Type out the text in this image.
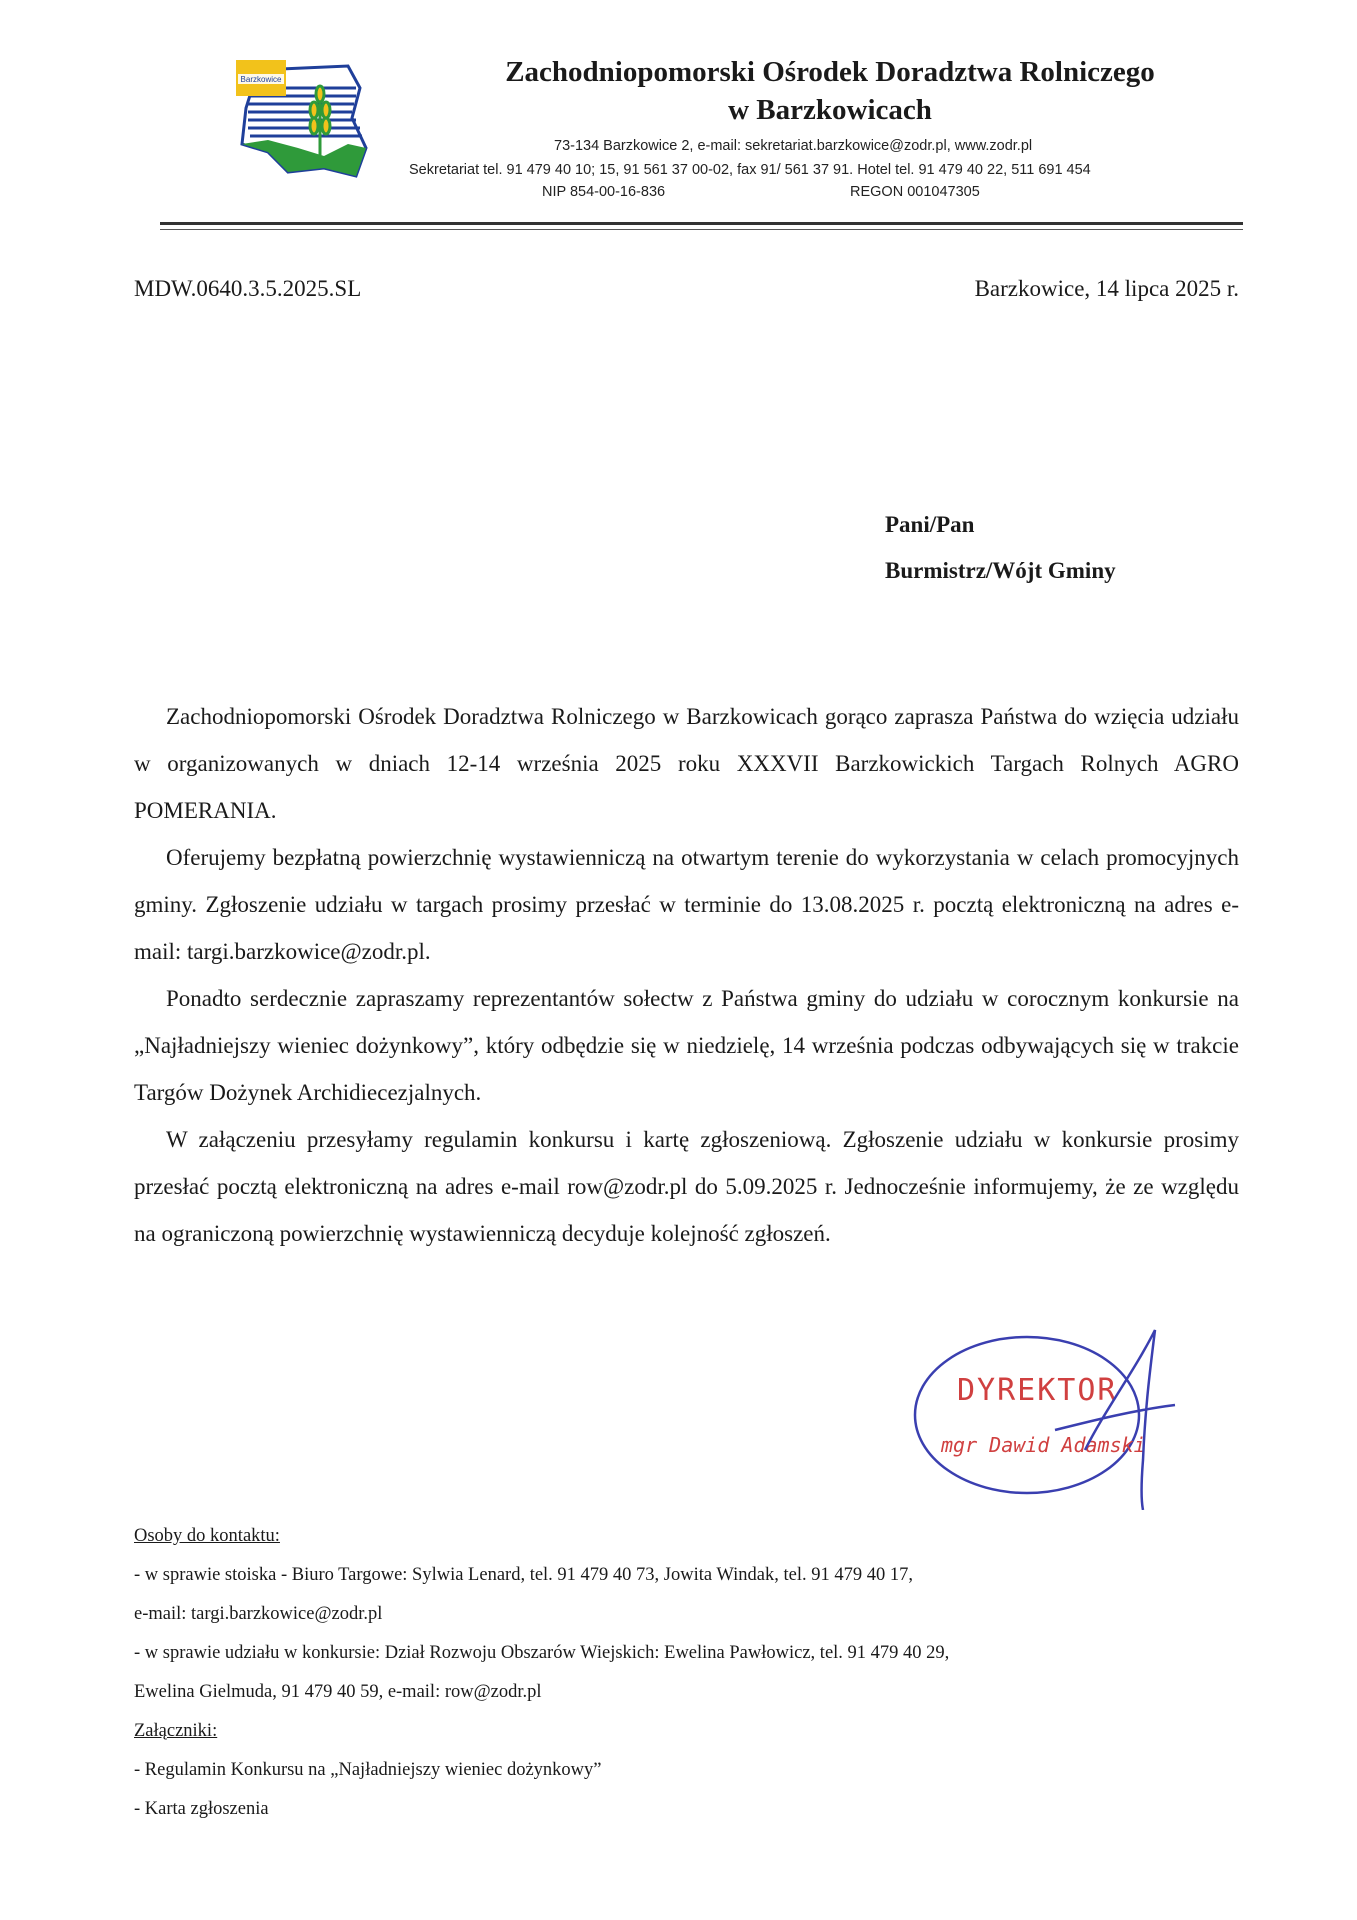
Barzkowice	Zachodniopomorski Ośrodek Doradztwa Rolniczego
w Barzkowicach
73-134 Barzkowice 2, e-mail: sekretariat.barzkowice@zodr.pl, www.zodr.pl
Sekretariat tel. 91 479 40 10; 15, 91 561 37 00-02, fax 91/ 561 37 91. Hotel tel. 91 479 40 22, 511 691 454
NIP 854-00-16-836	REGON 001047305
MDW.0640.3.5.2025.SL	Barzkowice, 14 lipca 2025 r.
Pani/Pan
Burmistrz/Wójt Gminy

Zachodniopomorski Ośrodek Doradztwa Rolniczego w Barzkowicach gorąco zaprasza Państwa do wzięcia udziału w organizowanych w dniach 12-14 września 2025 roku XXXVII Barzkowickich Targach Rolnych AGRO POMERANIA.

Oferujemy bezpłatną powierzchnię wystawienniczą na otwartym terenie do wykorzystania w celach promocyjnych gminy. Zgłoszenie udziału w targach prosimy przesłać w terminie do 13.08.2025 r. pocztą elektroniczną na adres e-mail: targi.barzkowice@zodr.pl.

Ponadto serdecznie zapraszamy reprezentantów sołectw z Państwa gminy do udziału w corocznym konkursie na „Najładniejszy wieniec dożynkowy”, który odbędzie się w niedzielę, 14 września podczas odbywających się w trakcie Targów Dożynek Archidiecezjalnych.

W załączeniu przesyłamy regulamin konkursu i kartę zgłoszeniową. Zgłoszenie udziału w konkursie prosimy przesłać pocztą elektroniczną na adres e-mail row@zodr.pl do 5.09.2025 r. Jednocześnie informujemy, że ze względu na ograniczoną powierzchnię wystawienniczą decyduje kolejność zgłoszeń.

DYREKTOR
mgr Dawid Adamski
Osoby do kontaktu:
- w sprawie stoiska - Biuro Targowe: Sylwia Lenard, tel. 91 479 40 73, Jowita Windak, tel. 91 479 40 17,
e-mail: targi.barzkowice@zodr.pl
- w sprawie udziału w konkursie: Dział Rozwoju Obszarów Wiejskich: Ewelina Pawłowicz, tel. 91 479 40 29,
Ewelina Gielmuda, 91 479 40 59, e-mail: row@zodr.pl
Załączniki:
- Regulamin Konkursu na „Najładniejszy wieniec dożynkowy”
- Karta zgłoszenia
